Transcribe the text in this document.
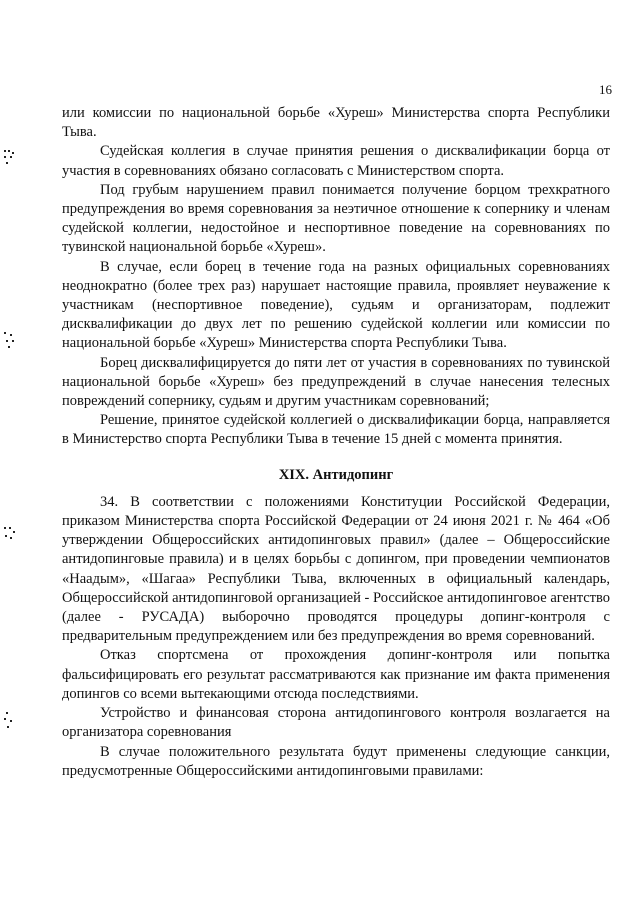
16

или комиссии по национальной борьбе «Хуреш» Министерства спорта Республики Тыва.

Судейская коллегия в случае принятия решения о дисквалификации борца от участия в соревнованиях обязано согласовать с Министерством спорта.

Под грубым нарушением правил понимается получение борцом трехкратного предупреждения во время соревнования за неэтичное отношение к сопернику и членам судейской коллегии, недостойное и неспортивное поведение на соревнованиях по тувинской национальной борьбе «Хуреш».

В случае, если борец в течение года на разных официальных соревнованиях неоднократно (более трех раз) нарушает настоящие правила, проявляет неуважение к участникам (неспортивное поведение), судьям и организаторам, подлежит дисквалификации до двух лет по решению судейской коллегии или комиссии по национальной борьбе «Хуреш» Министерства спорта Республики Тыва.

Борец дисквалифицируется до пяти лет от участия в соревнованиях по тувинской национальной борьбе «Хуреш» без предупреждений в случае нанесения телесных повреждений сопернику, судьям и другим участникам соревнований;

Решение, принятое судейской коллегией о дисквалификации борца, направляется в Министерство спорта Республики Тыва в течение 15 дней с момента принятия.

XIX. Антидопинг

34. В соответствии с положениями Конституции Российской Федерации, приказом Министерства спорта Российской Федерации от 24 июня 2021 г. № 464 «Об утверждении Общероссийских антидопинговых правил» (далее – Общероссийские антидопинговые правила) и в целях борьбы с допингом, при проведении чемпионатов «Наадым», «Шагаа» Республики Тыва, включенных в официальный календарь, Общероссийской антидопинговой организацией - Российское антидопинговое агентство (далее - РУСАДА) выборочно проводятся процедуры допинг-контроля с предварительным предупреждением или без предупреждения во время соревнований.

Отказ спортсмена от прохождения допинг-контроля или попытка фальсифицировать его результат рассматриваются как признание им факта применения допингов со всеми вытекающими отсюда последствиями.

Устройство и финансовая сторона антидопингового контроля возлагается на организатора соревнования

В случае положительного результата будут применены следующие санкции, предусмотренные Общероссийскими антидопинговыми правилами:
